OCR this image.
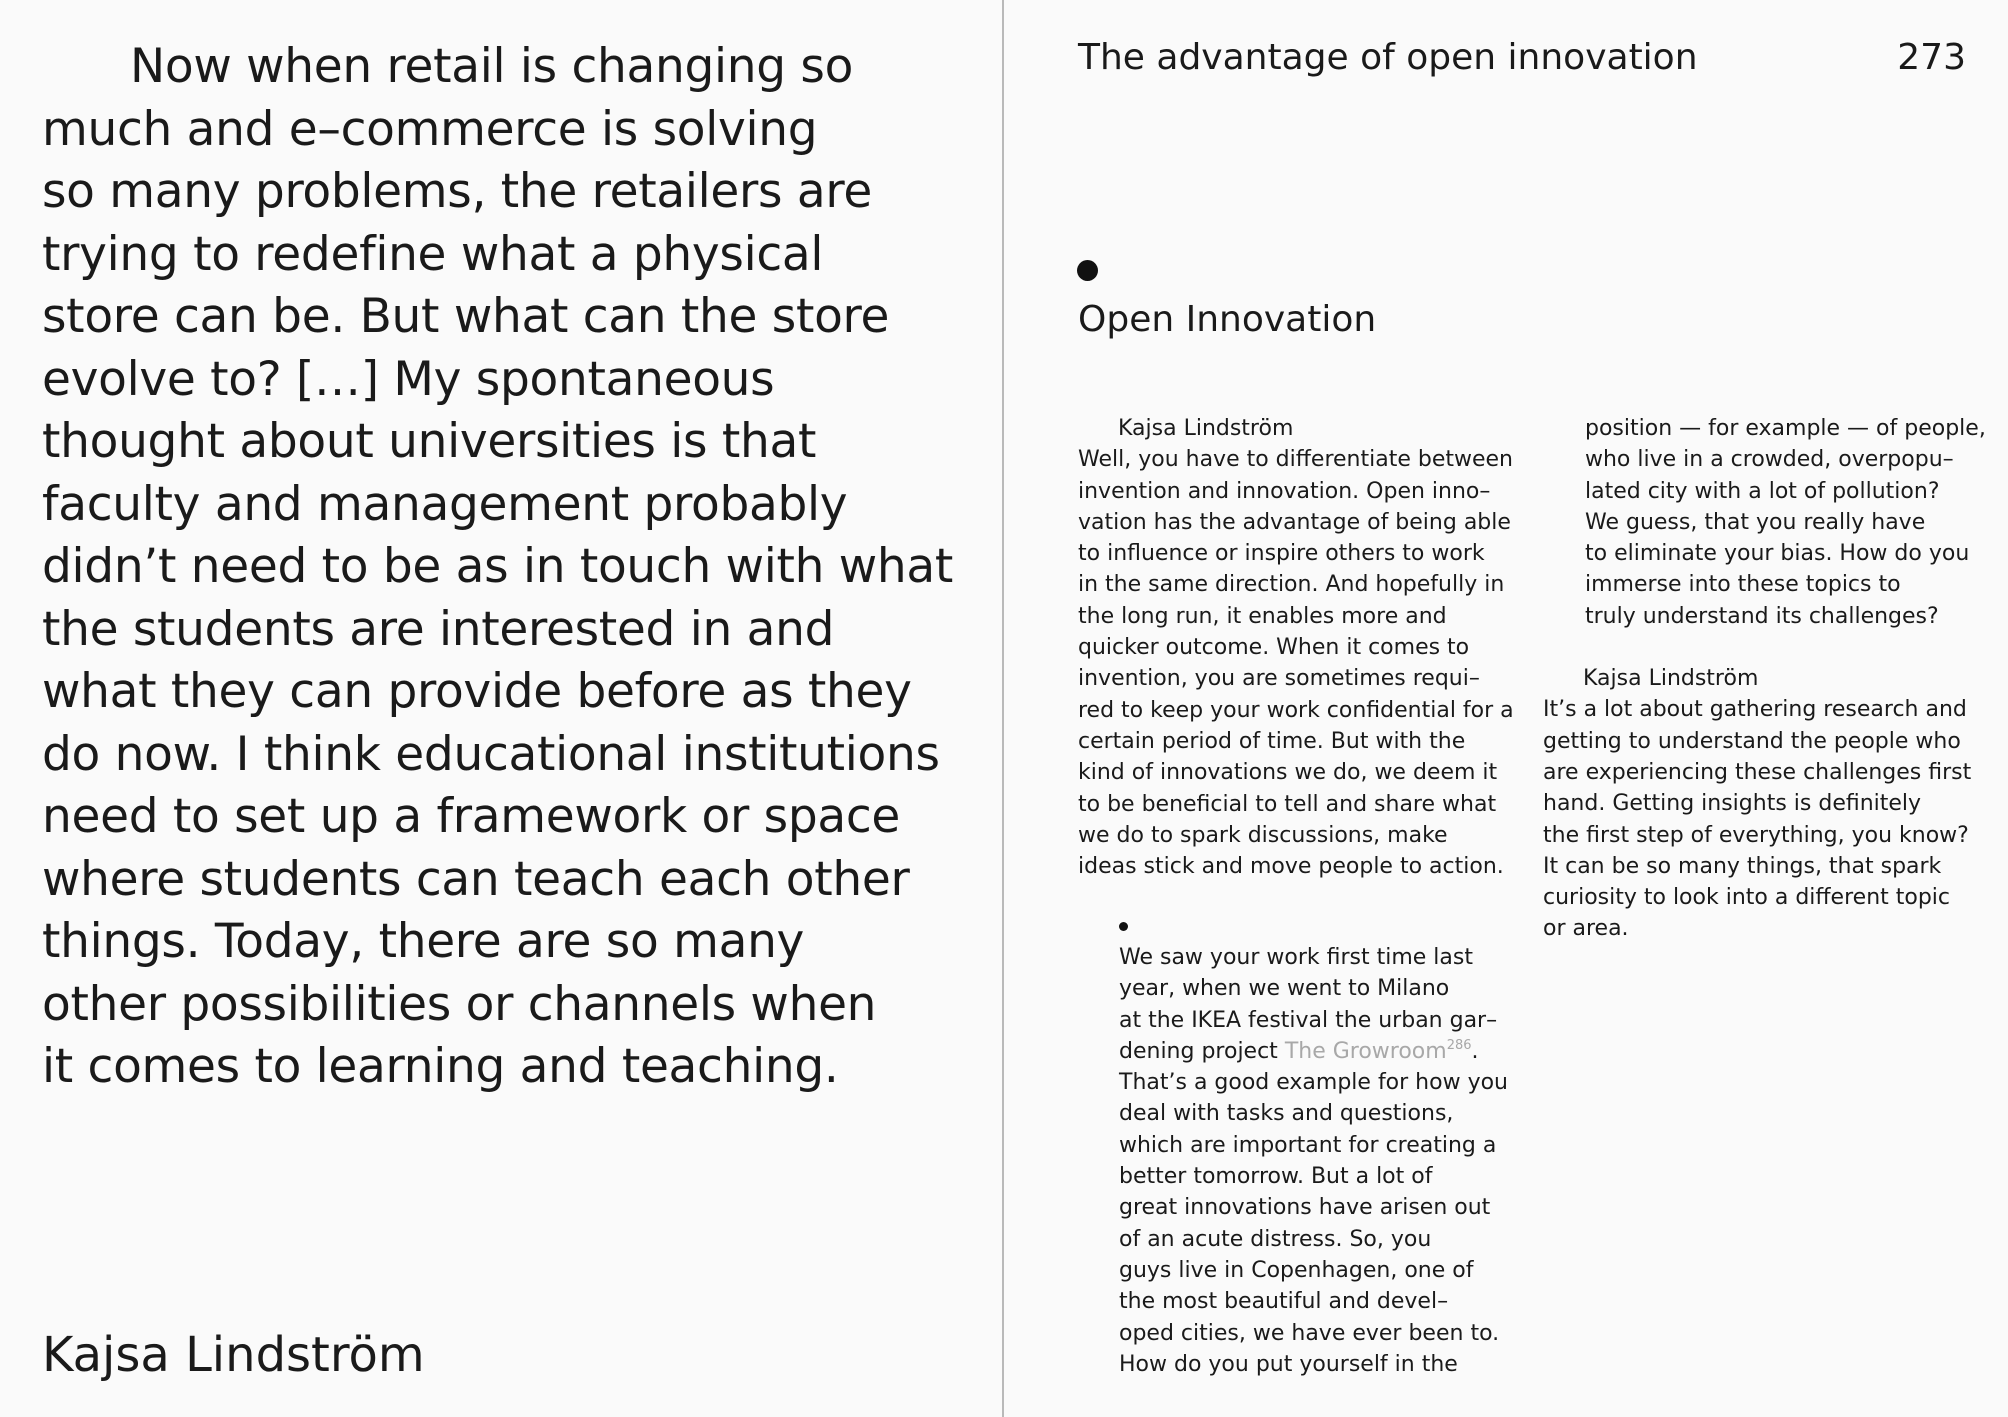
Now when retail is changing so
much and e–commerce is solving
so many problems, the retailers are
trying to redefine what a physical
store can be. But what can the store
evolve to? […] My spontaneous
thought about universities is that
faculty and management probably
didn’t need to be as in touch with what
the students are interested in and
what they can provide before as they
do now. I think educational institutions
need to set up a framework or space
where students can teach each other
things. Today, there are so many
other possibilities or channels when
it comes to learning and teaching.
Kajsa Lindström
The advantage of open innovation	273
Open Innovation
Kajsa Lindström
Well, you have to differentiate between
invention and innovation. Open inno–
vation has the advantage of being able
to influence or inspire others to work
in the same direction. And hopefully in
the long run, it enables more and
quicker outcome. When it comes to
invention, you are sometimes requi–
red to keep your work confidential for a
certain period of time. But with the
kind of innovations we do, we deem it
to be beneficial to tell and share what
we do to spark discussions, make
ideas stick and move people to action.
We saw your work first time last
year, when we went to Milano
at the IKEA festival the urban gar–
dening project The Growroom$^{286}$.
That’s a good example for how you
deal with tasks and questions,
which are important for creating a
better tomorrow. But a lot of
great innovations have arisen out
of an acute distress. So, you
guys live in Copenhagen, one of
the most beautiful and devel–
oped cities, we have ever been to.
How do you put yourself in the
position — for example — of people,
who live in a crowded, overpopu–
lated city with a lot of pollution?
We guess, that you really have
to eliminate your bias. How do you
immerse into these topics to
truly understand its challenges?
Kajsa Lindström
It’s a lot about gathering research and
getting to understand the people who
are experiencing these challenges first
hand. Getting insights is definitely
the first step of everything, you know?
It can be so many things, that spark
curiosity to look into a different topic
or area.
